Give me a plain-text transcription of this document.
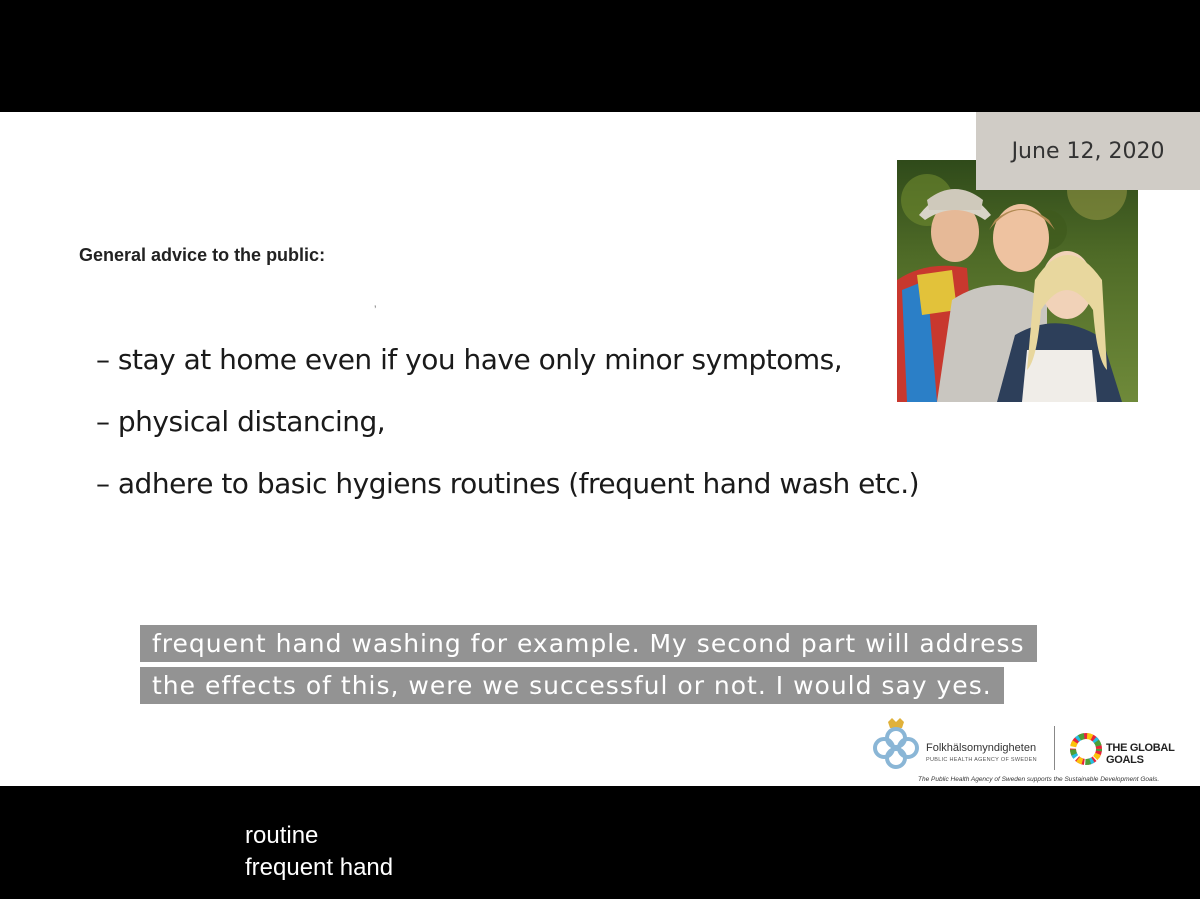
June 12, 2020
General advice to the public:
’
– stay at home even if you have only minor symptoms,
– physical distancing,
– adhere to basic hygiens routines (frequent hand wash etc.)
frequent hand washing for example. My second part will address
the effects of this, were we successful or not. I would say yes.
Folkhälsomyndigheten
PUBLIC HEALTH AGENCY OF SWEDEN
THE GLOBAL GOALS
The Public Health Agency of Sweden supports the Sustainable Development Goals.
routine
frequent hand
